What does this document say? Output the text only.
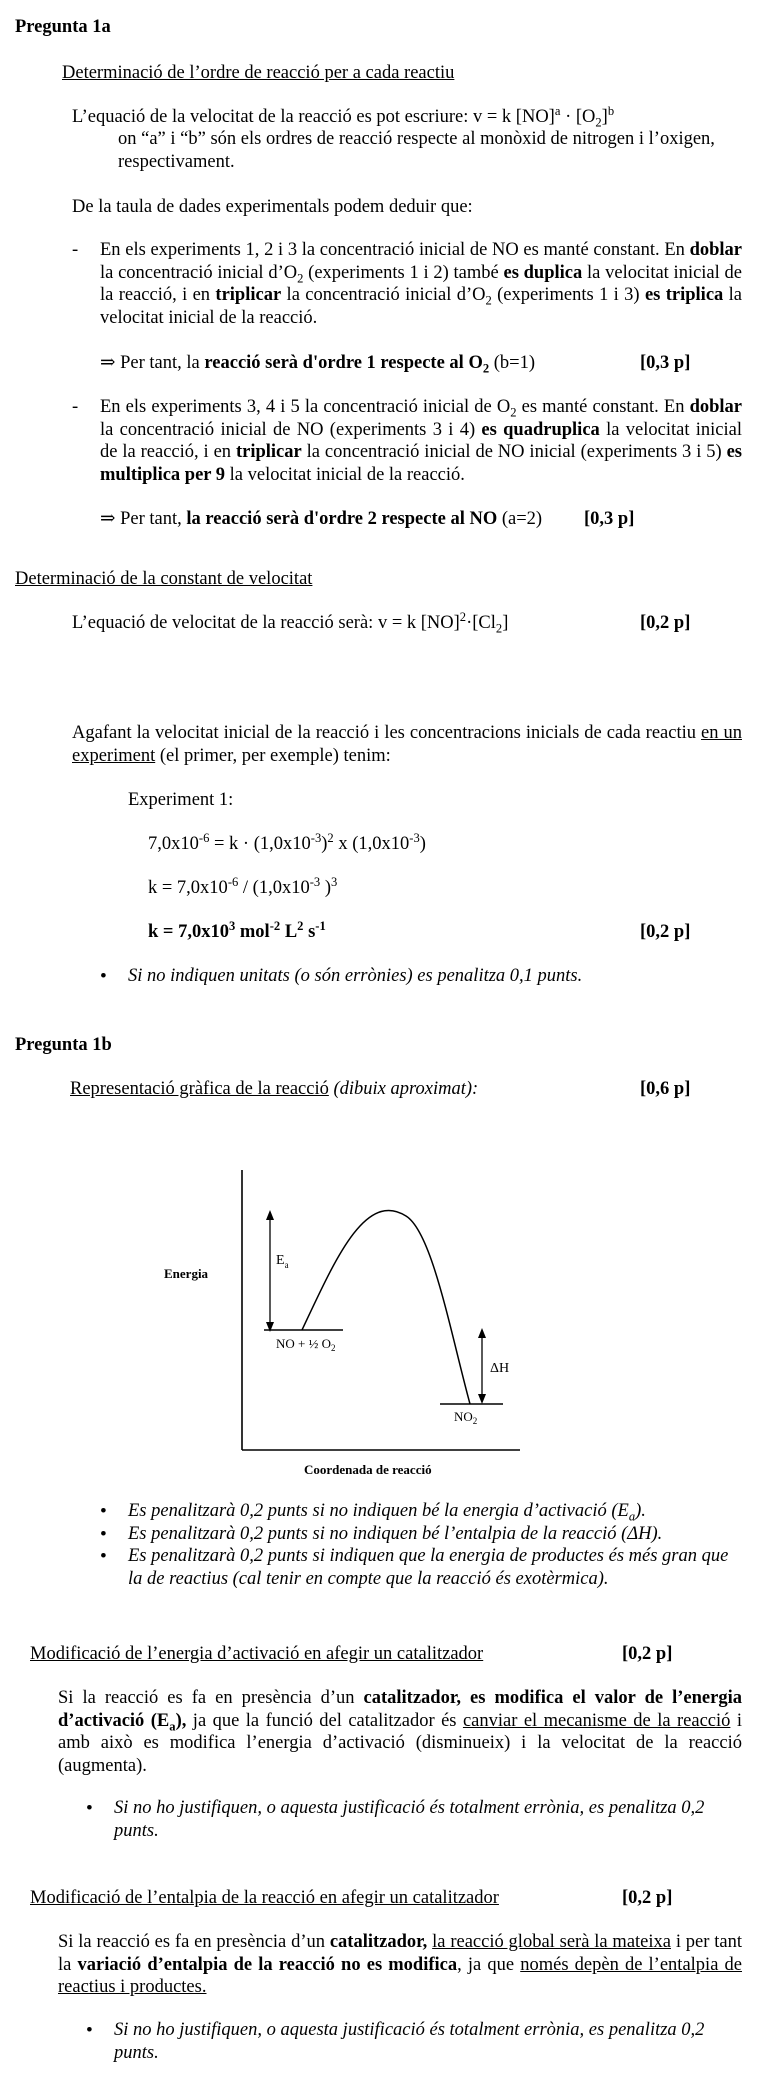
Pregunta 1a
Determinació de l’ordre de reacció per a cada reactiu
L’equació de la velocitat de la reacció es pot escriure: v = k $[NO]^a \cdot [O_2]^b$
on “a” i “b” són els ordres de reacció respecte al monòxid de nitrogen i l’oxigen, respectivament.
De la taula de dades experimentals podem deduir que:
- En els experiments 1, 2 i 3 la concentració inicial de NO es manté constant. En doblar la concentració inicial $d’O_2$ (experiments 1 i 2) també es duplica la velocitat inicial de la reacció, i en triplicar la concentració inicial $d’O_2$ (experiments 1 i 3) es triplica la velocitat inicial de la reacció.
⇒ Per tant, la reacció serà d'ordre 1 respecte al $O_2$ (b=1)	[0,3 p]
- En els experiments 3, 4 i 5 la concentració inicial de $O_2$ es manté constant. En doblar la concentració inicial de NO (experiments 3 i 4) es quadruplica la velocitat inicial de la reacció, i en triplicar la concentració inicial de NO inicial (experiments 3 i 5) es multiplica per 9 la velocitat inicial de la reacció.
⇒ Per tant, la reacció serà d'ordre 2 respecte al NO (a=2) [0,3 p]
Determinació de la constant de velocitat
L’equació de velocitat de la reacció serà: v = k $[NO]^2\cdot[Cl_2]$	[0,2 p]
Agafant la velocitat inicial de la reacció i les concentracions inicials de cada reactiu en un experiment (el primer, per exemple) tenim:
Experiment 1:
$7,0x10^{-6} = k \cdot (1,0x10^{-3})^2$ x $(1,0x10^{-3})$
$k = 7,0x10^{-6} / (1,0x10^{-3}$ )$^3$
$k = 7,0x10^3$ mol$^{-2}$ $L^2$ $s^{-1}$	[0,2 p]
• Si no indiquen unitats (o són errònies) es penalitza 0,1 punts.
Pregunta 1b
Representació gràfica de la reacció (dibuix aproximat):	[0,6 p]
Energia
Coordenada de reacció
$E_a$
NO + ½ $O_2$
$NO_2$
ΔH
• Es penalitzarà 0,2 punts si no indiquen bé la energia d’activació $(E_a)$.
• Es penalitzarà 0,2 punts si no indiquen bé l’entalpia de la reacció (ΔH).
• Es penalitzarà 0,2 punts si indiquen que la energia de productes és més gran que la de reactius (cal tenir en compte que la reacció és exotèrmica).
Modificació de l’energia d’activació en afegir un catalitzador	[0,2 p]
Si la reacció es fa en presència d’un catalitzador, es modifica el valor de l’energia d’activació $(E_a)$, ja que la funció del catalitzador és canviar el mecanisme de la reacció i amb això es modifica l’energia d’activació (disminueix) i la velocitat de la reacció (augmenta).
• Si no ho justifiquen, o aquesta justificació és totalment errònia, es penalitza 0,2 punts.
Modificació de l’entalpia de la reacció en afegir un catalitzador	[0,2 p]
Si la reacció es fa en presència d’un catalitzador, la reacció global serà la mateixa i per tant la variació d’entalpia de la reacció no es modifica, ja que només depèn de l’entalpia de reactius i productes.
• Si no ho justifiquen, o aquesta justificació és totalment errònia, es penalitza 0,2 punts.
